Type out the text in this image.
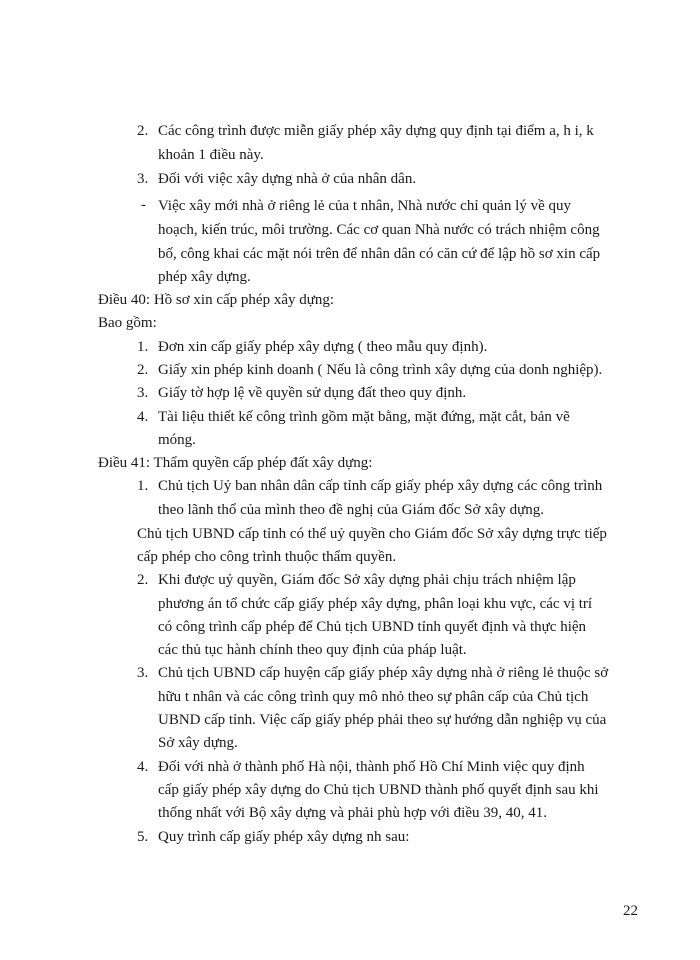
2. Các công trình được miễn giấy phép xây dựng quy định tại điểm a, h i, k
khoản 1 điều này.
3. Đối với việc xây dựng nhà ở của nhân dân.
- Việc xây mới nhà ở riêng lẻ của t nhân, Nhà nước chỉ quản lý về quy
hoạch, kiến trúc, môi trường. Các cơ quan Nhà nước có trách nhiệm công
bố, công khai các mặt nói trên để nhân dân có căn cứ để lập hồ sơ xin cấp
phép xây dựng.
Điều 40: Hồ sơ xin cấp phép xây dựng:
Bao gồm:
1. Đơn xin cấp giấy phép xây dựng ( theo mẫu quy định).
2. Giấy xin phép kinh doanh ( Nếu là công trình xây dựng của donh nghiệp).
3. Giấy tờ hợp lệ về quyền sử dụng đất theo quy định.
4. Tài liệu thiết kế công trình gồm mặt bằng, mặt đứng, mặt cắt, bản vẽ
móng.
Điều 41: Thẩm quyền cấp phép đất xây dựng:
1. Chủ tịch Uỷ ban nhân dân cấp tỉnh cấp giấy phép xây dựng các công trình
theo lãnh thổ của mình theo đề nghị của Giám đốc Sở xây dựng.
Chủ tịch UBND cấp tỉnh có thể uỷ quyền cho Giám đốc Sở xây dựng trực tiếp
cấp phép cho công trình thuộc thẩm quyền.
2. Khi được uỷ quyền, Giám đốc Sở xây dựng phải chịu trách nhiệm lập
phương án tổ chức cấp giấy phép xây dựng, phân loại khu vực, các vị trí
có công trình cấp phép để Chủ tịch UBND tỉnh quyết định và thực hiện
các thủ tục hành chính theo quy định của pháp luật.
3. Chủ tịch UBND cấp huyện cấp giấy phép xây dựng nhà ở riêng lẻ thuộc sở
hữu t nhân và các công trình quy mô nhỏ theo sự phân cấp của Chủ tịch
UBND cấp tỉnh. Việc cấp giấy phép phải theo sự hướng dẫn nghiệp vụ của
Sở xây dựng.
4. Đối với nhà ở thành phố Hà nội, thành phố Hồ Chí Minh việc quy định
cấp giấy phép xây dựng do Chủ tịch UBND thành phố quyết định sau khi
thống nhất với Bộ xây dựng và phải phù hợp với điều 39, 40, 41.
5. Quy trình cấp giấy phép xây dựng nh sau:
22
